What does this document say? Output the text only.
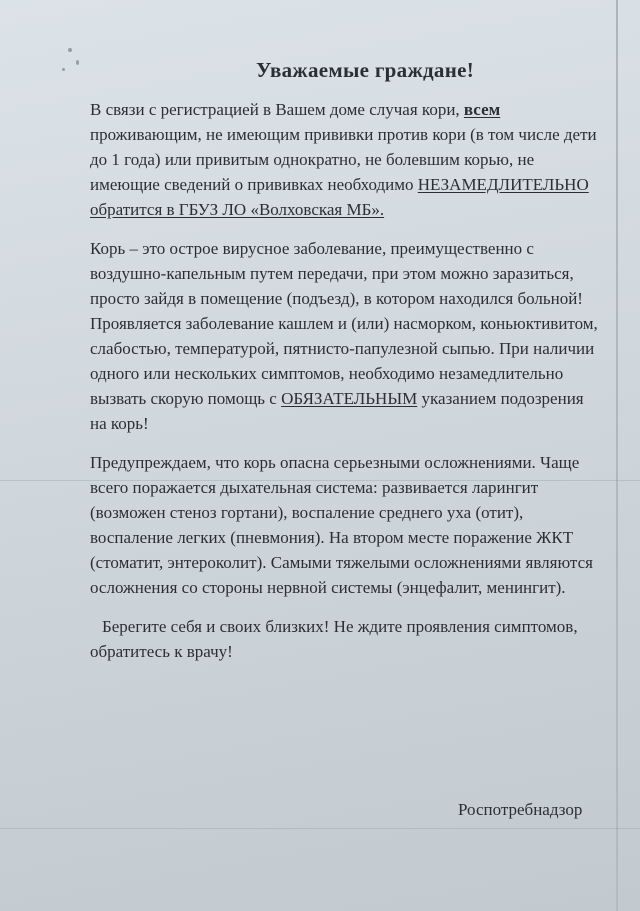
Уважаемые граждане!

В связи с регистрацией в Вашем доме случая кори, всем проживающим, не имеющим прививки против кори (в том числе дети до 1 года) или привитым однократно, не болевшим корью, не имеющие сведений о прививках необходимо НЕЗАМЕДЛИТЕЛЬНО обратится в ГБУЗ ЛО «Волховская МБ».

Корь – это острое вирусное заболевание, преимущественно с воздушно-капельным путем передачи, при этом можно заразиться, просто зайдя в помещение (подъезд), в котором находился больной! Проявляется заболевание кашлем и (или) насморком, коньюктивитом, слабостью, температурой, пятнисто-папулезной сыпью. При наличии одного или нескольких симптомов, необходимо незамедлительно вызвать скорую помощь с ОБЯЗАТЕЛЬНЫМ указанием подозрения на корь!

Предупреждаем, что корь опасна серьезными осложнениями. Чаще всего поражается дыхательная система: развивается ларингит (возможен стеноз гортани), воспаление среднего уха (отит), воспаление легких (пневмония). На втором месте поражение ЖКТ (стоматит, энтероколит). Самыми тяжелыми осложнениями являются осложнения со стороны нервной системы (энцефалит, менингит).

Берегите себя и своих близких! Не ждите проявления симптомов, обратитесь к врачу!

Роспотребнадзор
